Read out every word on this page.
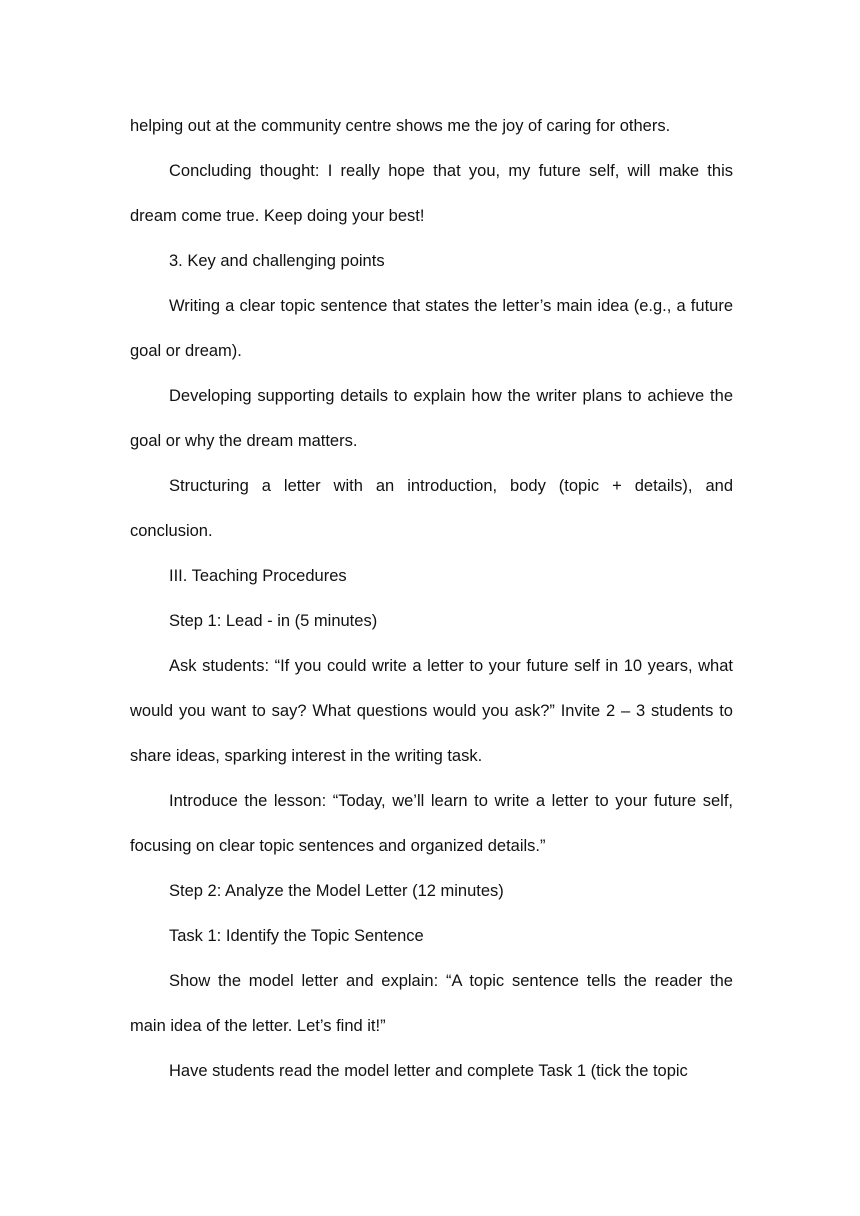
helping out at the community centre shows me the joy of caring for others.

Concluding thought: I really hope that you, my future self, will make this dream come true. Keep doing your best!

3. Key and challenging points

Writing a clear topic sentence that states the letter’s main idea (e.g., a future goal or dream).

Developing supporting details to explain how the writer plans to achieve the goal or why the dream matters.

Structuring a letter with an introduction, body (topic + details), and conclusion.

III. Teaching Procedures

Step 1: Lead - in (5 minutes)

Ask students: “If you could write a letter to your future self in 10 years, what would you want to say? What questions would you ask?” Invite 2 – 3 students to share ideas, sparking interest in the writing task.

Introduce the lesson: “Today, we’ll learn to write a letter to your future self, focusing on clear topic sentences and organized details.”

Step 2: Analyze the Model Letter (12 minutes)

Task 1: Identify the Topic Sentence

Show the model letter and explain: “A topic sentence tells the reader the main idea of the letter. Let’s find it!”

Have students read the model letter and complete Task 1 (tick the topic
